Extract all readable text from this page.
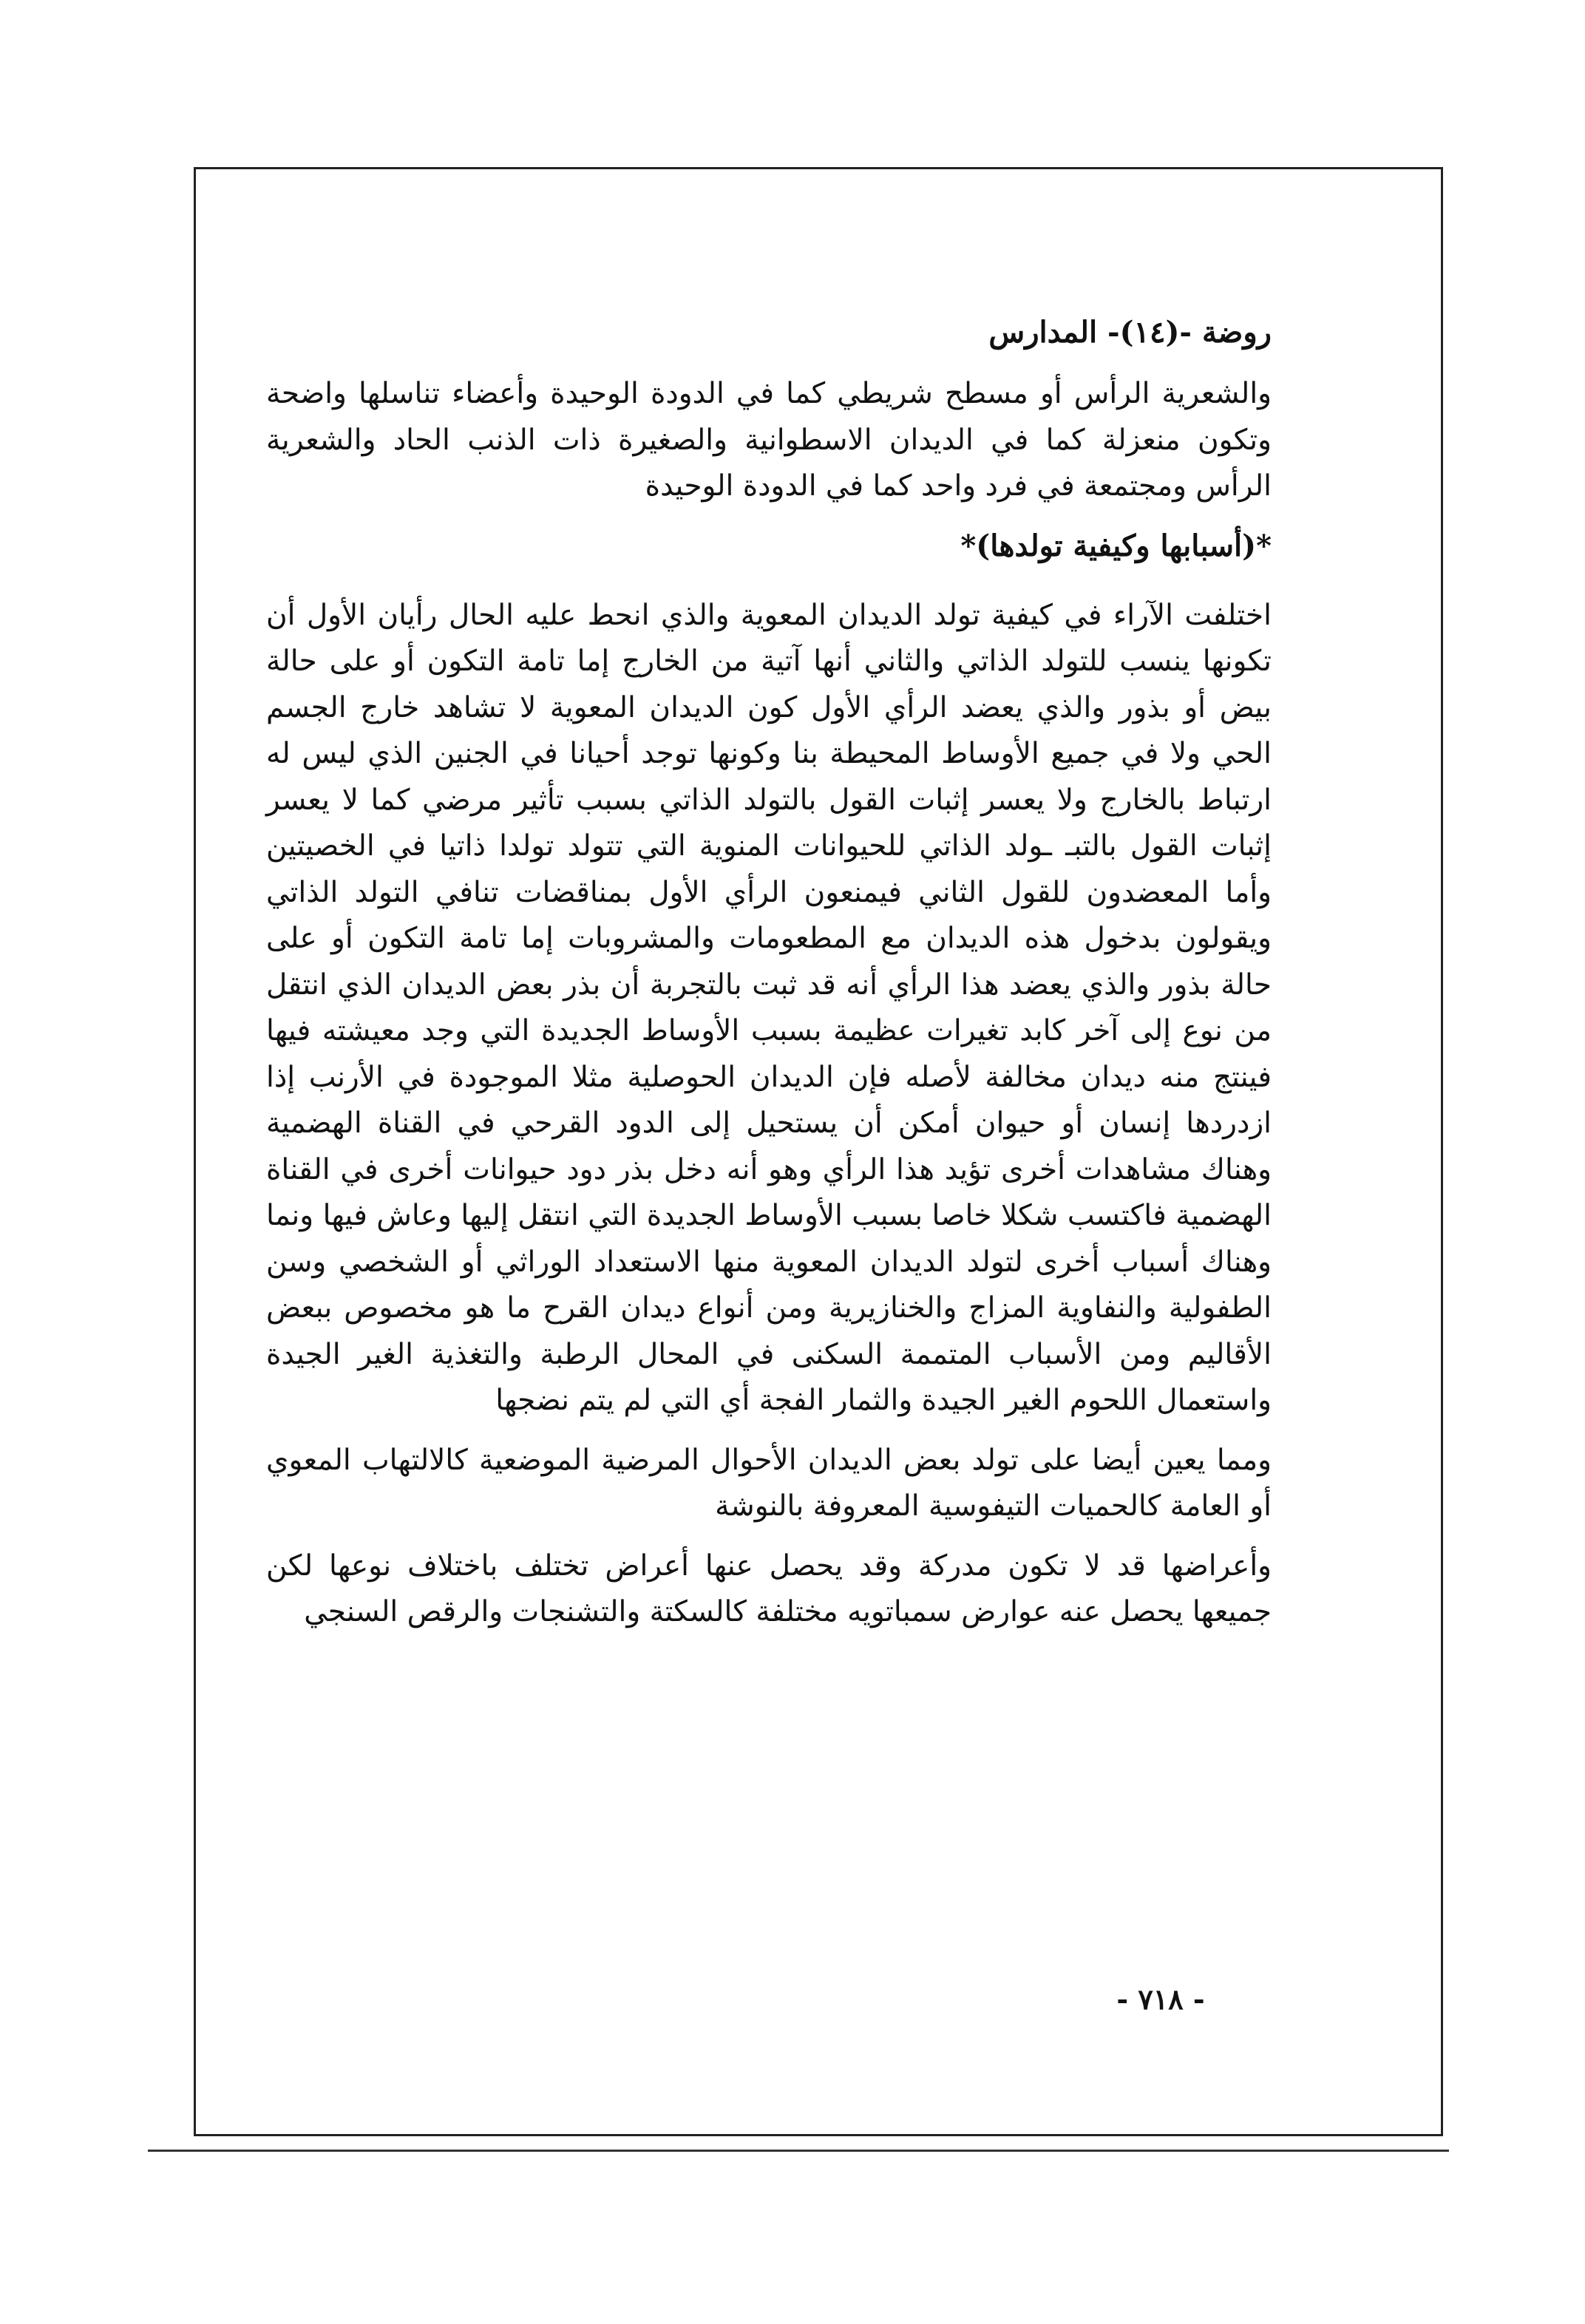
روضة -(١٤)- المدارس

والشعرية الرأس أو مسطح شريطي كما في الدودة الوحيدة وأعضاء تناسلها واضحة وتكون منعزلة كما في الديدان الاسطوانية والصغيرة ذات الذنب الحاد والشعرية الرأس ومجتمعة في فرد واحد كما في الدودة الوحيدة

*(أسبابها وكيفية تولدها)*

اختلفت الآراء في كيفية تولد الديدان المعوية والذي انحط عليه الحال رأيان الأول أن تكونها ينسب للتولد الذاتي والثاني أنها آتية من الخارج إما تامة التكون أو على حالة بيض أو بذور والذي يعضد الرأي الأول كون الديدان المعوية لا تشاهد خارج الجسم الحي ولا في جميع الأوساط المحيطة بنا وكونها توجد أحيانا في الجنين الذي ليس له ارتباط بالخارج ولا يعسر إثبات القول بالتولد الذاتي بسبب تأثير مرضي كما لا يعسر إثبات القول بالتبـ ـولد الذاتي للحيوانات المنوية التي تتولد تولدا ذاتيا في الخصيتين وأما المعضدون للقول الثاني فيمنعون الرأي الأول بمناقضات تنافي التولد الذاتي ويقولون بدخول هذه الديدان مع المطعومات والمشروبات إما تامة التكون أو على حالة بذور والذي يعضد هذا الرأي أنه قد ثبت بالتجربة أن بذر بعض الديدان الذي انتقل من نوع إلى آخر كابد تغيرات عظيمة بسبب الأوساط الجديدة التي وجد معيشته فيها فينتج منه ديدان مخالفة لأصله فإن الديدان الحوصلية مثلا الموجودة في الأرنب إذا ازدردها إنسان أو حيوان أمكن أن يستحيل إلى الدود القرحي في القناة الهضمية وهناك مشاهدات أخرى تؤيد هذا الرأي وهو أنه دخل بذر دود حيوانات أخرى في القناة الهضمية فاكتسب شكلا خاصا بسبب الأوساط الجديدة التي انتقل إليها وعاش فيها ونما وهناك أسباب أخرى لتولد الديدان المعوية منها الاستعداد الوراثي أو الشخصي وسن الطفولية والنفاوية المزاج والخنازيرية ومن أنواع ديدان القرح ما هو مخصوص ببعض الأقاليم ومن الأسباب المتممة السكنى في المحال الرطبة والتغذية الغير الجيدة واستعمال اللحوم الغير الجيدة والثمار الفجة أي التي لم يتم نضجها

ومما يعين أيضا على تولد بعض الديدان الأحوال المرضية الموضعية كالالتهاب المعوي أو العامة كالحميات التيفوسية المعروفة بالنوشة

وأعراضها قد لا تكون مدركة وقد يحصل عنها أعراض تختلف باختلاف نوعها لكن جميعها يحصل عنه عوارض سمباتويه مختلفة كالسكتة والتشنجات والرقص السنجي

- ٧١٨ -
